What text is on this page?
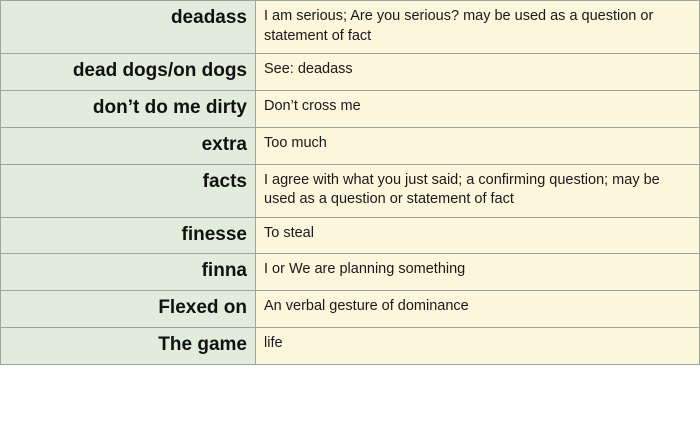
deadass	I am serious; Are you serious? may be used as a question or statement of fact
dead dogs/on dogs	See: deadass
don’t do me dirty	Don’t cross me
extra	Too much
facts	I agree with what you just said; a confirming question; may be used as a question or statement of fact
finesse	To steal
finna	I or We are planning something
Flexed on	An verbal gesture of dominance
The game	life
